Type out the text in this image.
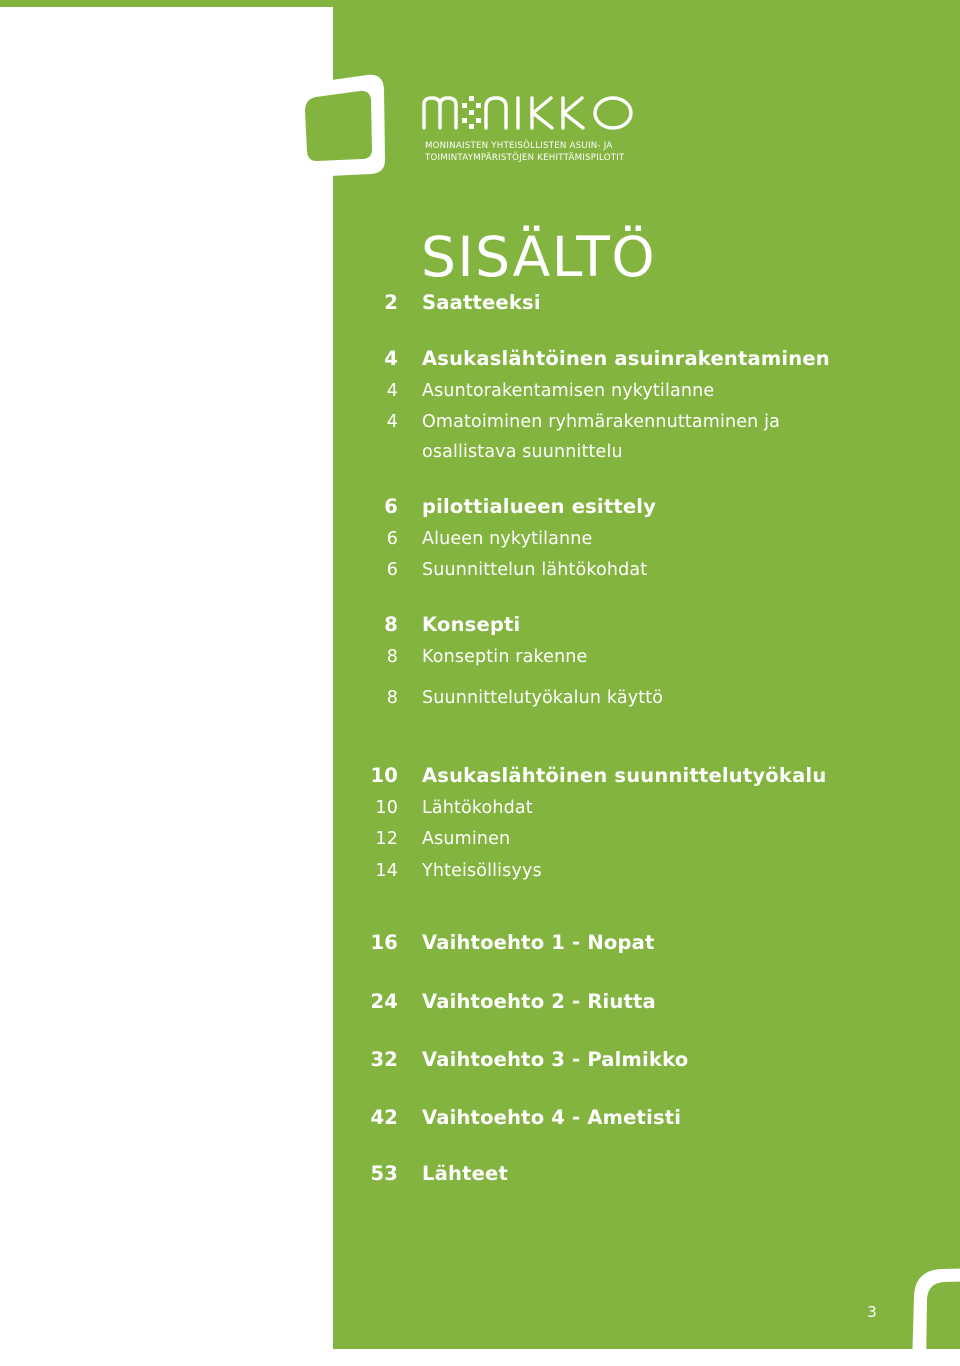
MONINAISTEN YHTEISÖLLISTEN ASUIN- JA
TOIMINTAYMPÄRISTÖJEN KEHITTÄMISPILOTIT
SISÄLTÖ
2 Saatteeksi
4 Asukaslähtöinen asuinrakentaminen
4 Asuntorakentamisen nykytilanne
4 Omatoiminen ryhmärakennuttaminen ja
osallistava suunnittelu
6 pilottialueen esittely
6 Alueen nykytilanne
6 Suunnittelun lähtökohdat
8 Konsepti
8 Konseptin rakenne
8 Suunnittelutyökalun käyttö
10 Asukaslähtöinen suunnittelutyökalu
10 Lähtökohdat
12 Asuminen
14 Yhteisöllisyys
16 Vaihtoehto 1 - Nopat
24 Vaihtoehto 2 - Riutta
32 Vaihtoehto 3 - Palmikko
42 Vaihtoehto 4 - Ametisti
53 Lähteet
3
